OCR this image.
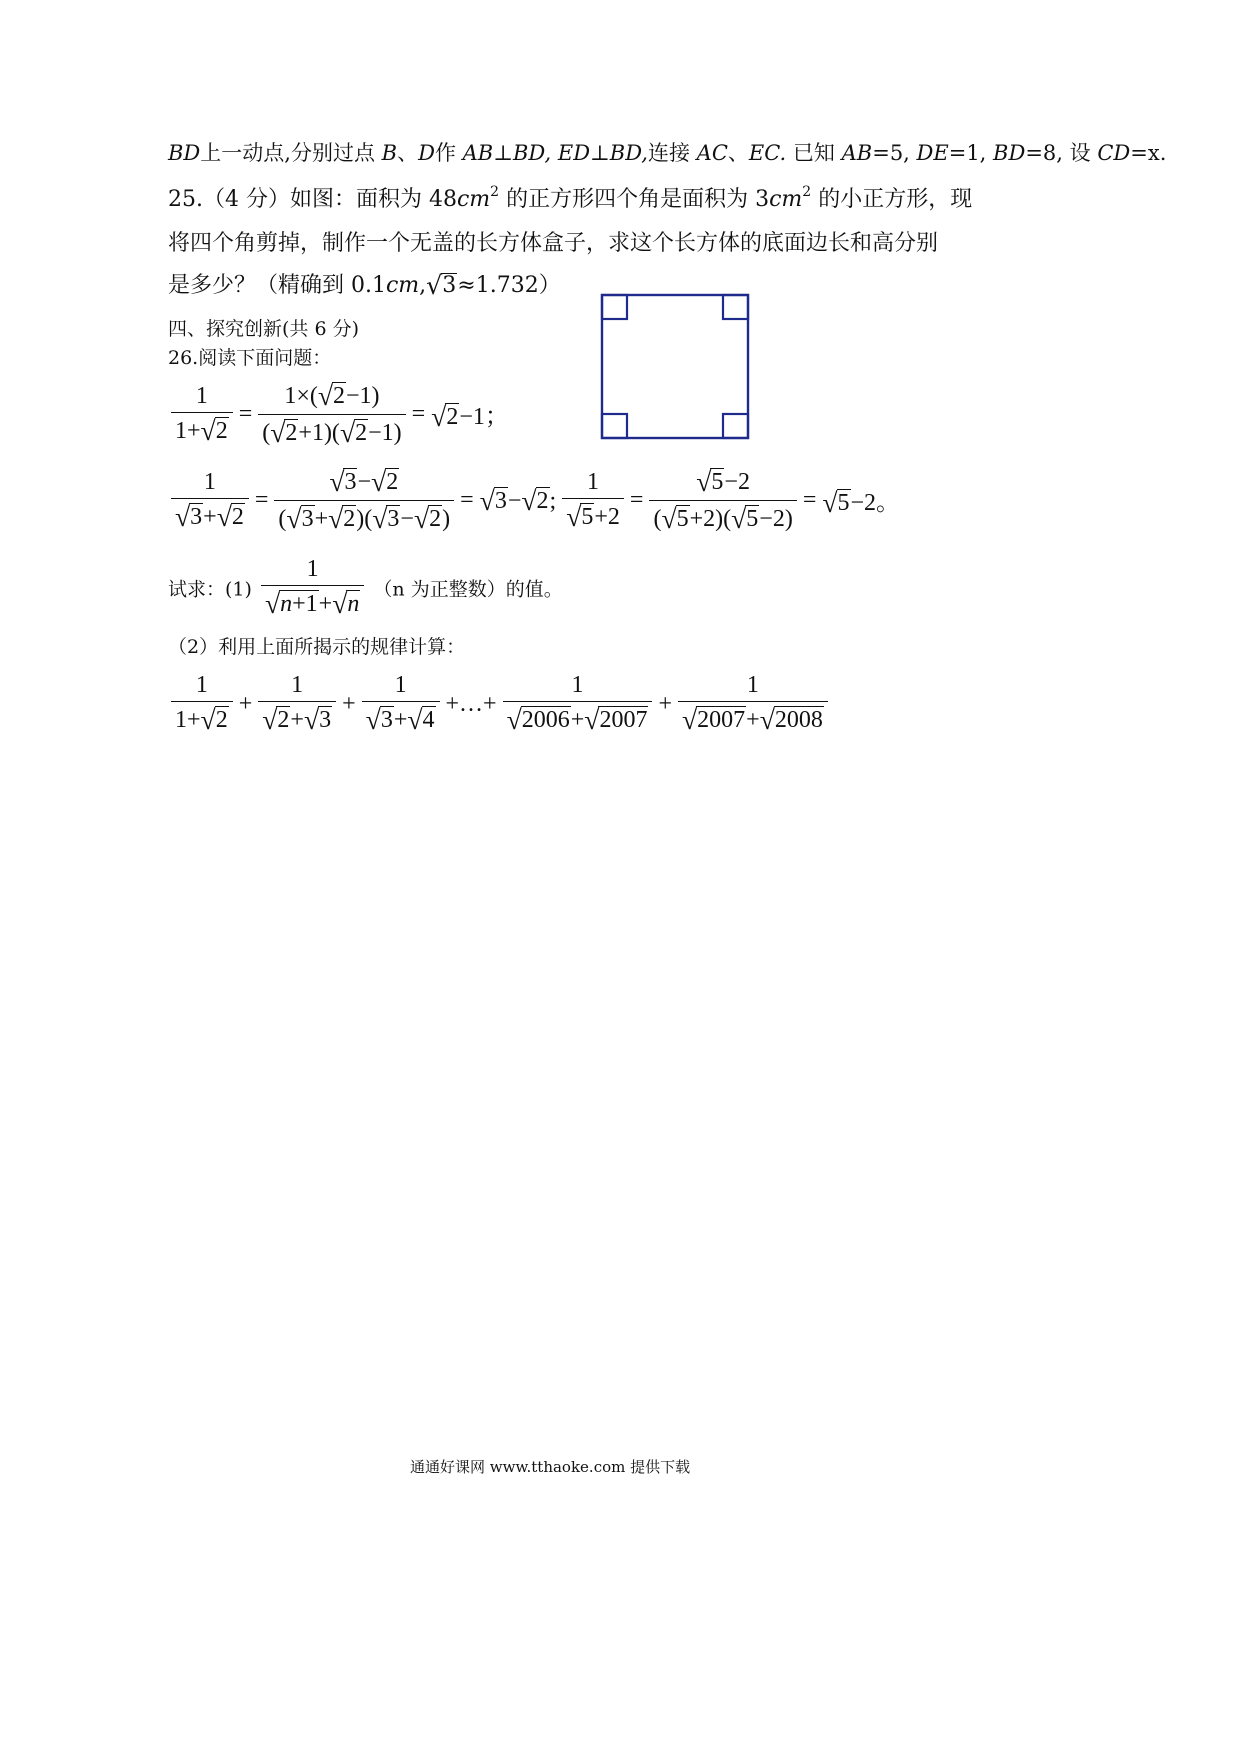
BD上一动点,分别过点 B、D作 AB⊥BD, ED⊥BD,连接 AC、EC. 已知 AB=5, DE=1, BD=8, 设 CD=x.
25.（4 分）如图：面积为 $48cm^2$ 的正方形四个角是面积为 $3cm^2$ 的小正方形，现
将四个角剪掉，制作一个无盖的长方体盒子，求这个长方体的底面边长和高分别
是多少？（精确到 0.1cm,√3≈1.732）
四、探究创新(共 6 分)
26.阅读下面问题：
$\frac{1}{1+√2} = \frac{1\times(√2-1)}{(√2+1)(√2-1)} = √2-1$；
$\frac{1}{√3+√2} = \frac{√3-√2}{(√3+√2)(√3-√2)} = √3-√2$; $\frac{1}{√5+2} = \frac{√5-2}{(√5+2)(√5-2)} = √5-2$。
试求：$(1) \frac{1}{√n+1+√n} (n$ 为正整数）的值。
（2）利用上面所揭示的规律计算：
$\frac{1}{1+√2} + \frac{1}{√2+√3} + \frac{1}{√3+√4}$ +…+ $\frac{1}{√2006+√2007} + \frac{1}{√2007+√2008}$
通通好课网 www.tthaoke.com 提供下载
